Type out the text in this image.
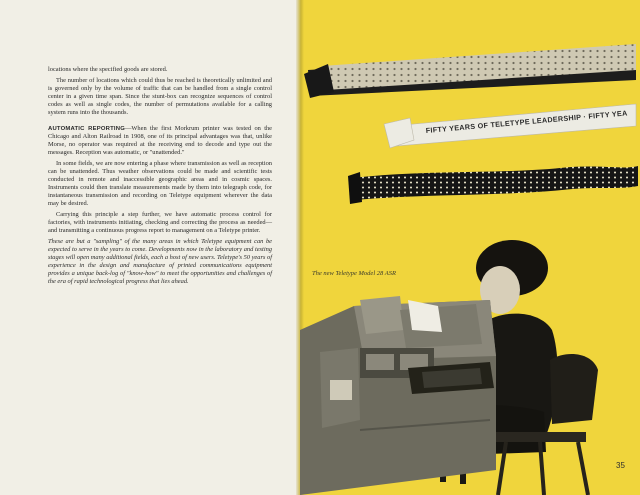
locations where the specified goods are stored.

The number of locations which could thus be reached is theoretically unlimited and is governed only by the volume of traffic that can be handled from a single control center in a given time span. Since the stunt-box can recognize sequences of control codes as well as single codes, the number of permutations available for a calling system runs into the thousands.

AUTOMATIC REPORTING—When the first Morkrum printer was tested on the Chicago and Alton Railroad in 1908, one of its principal advantages was that, unlike Morse, no operator was required at the receiving end to decode and type out the messages. Reception was automatic, or "unattended."

In some fields, we are now entering a phase where transmission as well as reception can be unattended. Thus weather observations could be made and scientific tests conducted in remote and inaccessible geographic areas and in cosmic spaces. Instruments could then translate measurements made by them into telegraph code, for instantaneous transmission and recording on Teletype equipment wherever the data may be desired.

Carrying this principle a step further, we have automatic process control for factories, with instruments initiating, checking and correcting the process as needed—and transmitting a continuous progress report to management on a Teletype printer.

These are but a "sampling" of the many areas in which Teletype equipment can be expected to serve in the years to come. Developments now in the laboratory and testing stages will open many additional fields, each a host of new users. Teletype's 50 years of experience in the design and manufacture of printed communications equipment provides a unique back-log of "know-how" to meet the opportunities and challenges of the era of rapid technological progress that lies ahead.

FIFTY YEARS OF TELETYPE LEADERSHIP · FIFTY YEA
The new Teletype Model 28 ASR
35
